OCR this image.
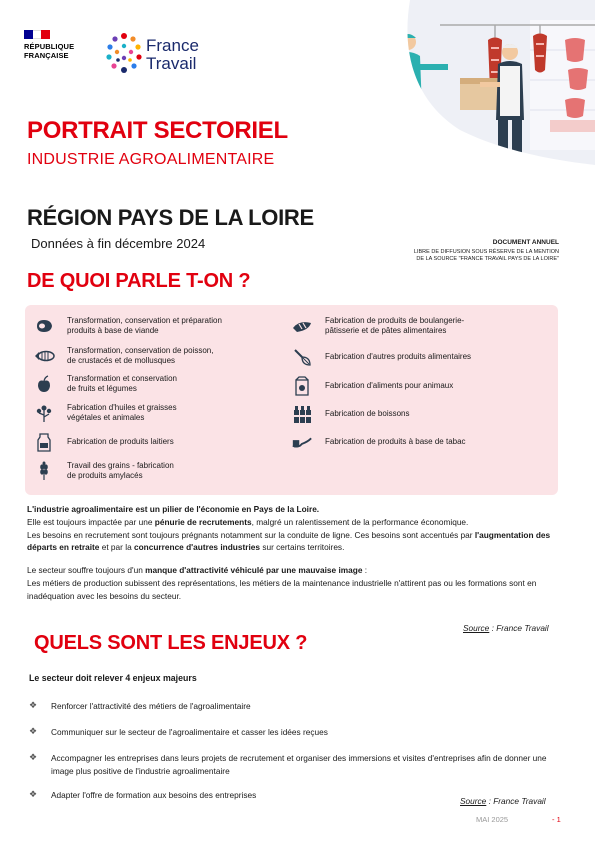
RÉPUBLIQUE
FRANÇAISE	France
Travail
PORTRAIT SECTORIEL
INDUSTRIE AGROALIMENTAIRE
RÉGION PAYS DE LA LOIRE
Données à fin décembre 2024	DOCUMENT ANNUEL
LIBRE DE DIFFUSION SOUS RÉSERVE DE LA MENTION
DE LA SOURCE "FRANCE TRAVAIL PAYS DE LA LOIRE"
DE QUOI PARLE T-ON ?
Transformation, conservation et préparation
produits à base de viande
Transformation, conservation de poisson,
de crustacés et de mollusques
Transformation et conservation
de fruits et légumes
Fabrication d'huiles et graisses
végétales et animales
Fabrication de produits laitiers
Travail des grains - fabrication
de produits amylacés
Fabrication de produits de boulangerie-
pâtisserie et de pâtes alimentaires
Fabrication d'autres produits alimentaires
Fabrication d'aliments pour animaux
Fabrication de boissons
Fabrication de produits à base de tabac

L'industrie agroalimentaire est un pilier de l'économie en Pays de la Loire.

Elle est toujours impactée par une pénurie de recrutements, malgré un ralentissement de la performance économique.

Les besoins en recrutement sont toujours prégnants notamment sur la conduite de ligne. Ces besoins sont accentués par l'augmentation des départs en retraite et par la concurrence d'autres industries sur certains territoires.

Le secteur souffre toujours d'un manque d'attractivité véhiculé par une mauvaise image :

Les métiers de production subissent des représentations, les métiers de la maintenance industrielle n'attirent pas ou les formations sont en inadéquation avec les besoins du secteur.

Source : France Travail
QUELS SONT LES ENJEUX ?
Le secteur doit relever 4 enjeux majeurs
❖	Renforcer l'attractivité des métiers de l'agroalimentaire
❖	Communiquer sur le secteur de l'agroalimentaire et casser les idées reçues
❖	Accompagner les entreprises dans leurs projets de recrutement et organiser des immersions et visites d'entreprises afin de donner une image plus positive de l'industrie agroalimentaire
❖	Adapter l'offre de formation aux besoins des entreprises
Source : France Travail
MAI 2025	- 1
